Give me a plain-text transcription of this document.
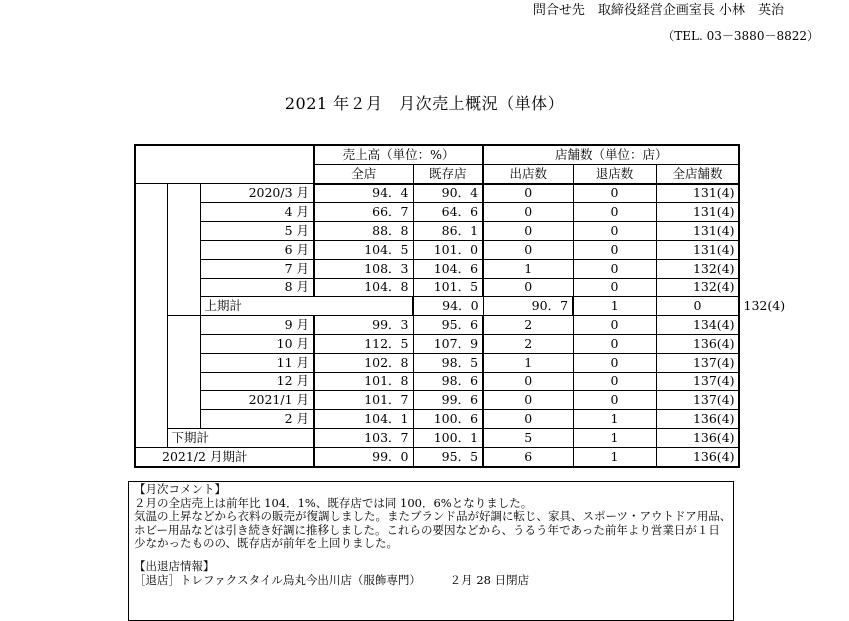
問合せ先　取締役経営企画室長 小林　英治
（TEL. 03－3880－8822）
2021 年２月　月次売上概況（単体）
			売上高（単位：%）		店舗数（単位：店）			
			全店	既存店	出店数	退店数	全店舗数	
		2020/3 月	94．4	90．4	0	0	131(4)	
		4 月	66．7	64．6	0	0	131(4)	
		5 月	88．8	86．1	0	0	131(4)	
		6 月	104．5	101．0	0	0	131(4)	
		7 月	108．3	104．6	1	0	132(4)	
		8 月	104．8	101．5	0	0	132(4)	
		上期計		94．0	90．7	1	0	132(4)
		9 月	99．3	95．6	2	0	134(4)	
		10 月	112．5	107．9	2	0	136(4)	
		11 月	102．8	98．5	1	0	137(4)	
		12 月	101．8	98．6	0	0	137(4)	
		2021/1 月	101．7	99．6	0	0	137(4)	
		2 月	104．1	100．6	0	1	136(4)	
	下期計		103．7	100．1	5	1	136(4)	
2021/2 月期計			99．0	95．5	6	1	136(4)	

【月次コメント】

２月の全店売上は前年比 104．1%、既存店では同 100．6%となりました。

気温の上昇などから衣料の販売が復調しました。またブランド品が好調に転じ、家具、スポーツ・アウトドア用品、

ホビー用品などは引き続き好調に推移しました。これらの要因などから、うるう年であった前年より営業日が１日

少なかったものの、既存店が前年を上回りました。

【出退店情報】

［退店］トレファクスタイル烏丸今出川店（服飾専門）　　　２月 28 日閉店
